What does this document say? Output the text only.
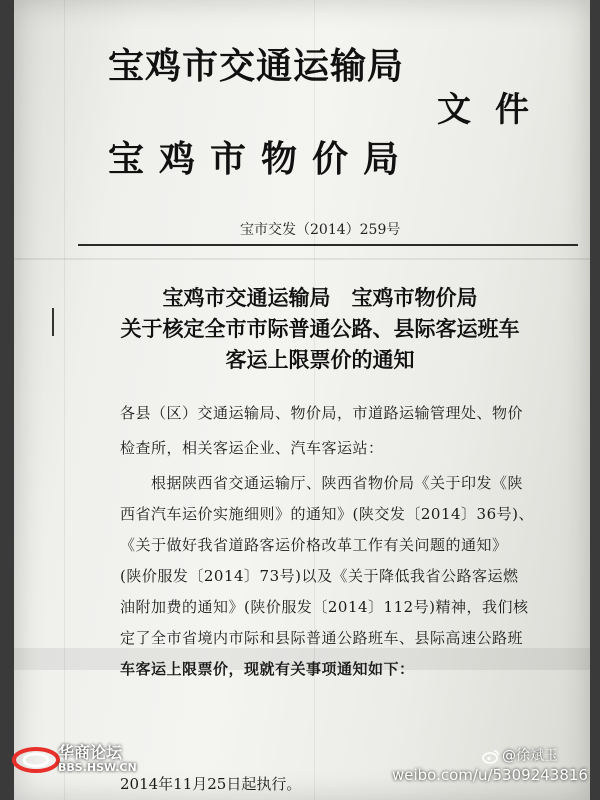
宝鸡市交通运输局
文件
宝鸡市物价局
宝市交发（2014）259号
宝鸡市交通运输局　宝鸡市物价局
关于核定全市市际普通公路、县际客运班车
客运上限票价的通知
各县（区）交通运输局、物价局，市道路运输管理处、物价
检查所，相关客运企业、汽车客运站：
　　根据陕西省交通运输厅、陕西省物价局《关于印发《陕
西省汽车运价实施细则》的通知》(陕交发〔2014〕36号)、
《关于做好我省道路客运价格改革工作有关问题的通知》
(陕价服发〔2014〕73号)以及《关于降低我省公路客运燃
油附加费的通知》(陕价服发〔2014〕112号)精神，我们核
定了全市省境内市际和县际普通公路班车、县际高速公路班
车客运上限票价，现就有关事项通知如下：
2014年11月25日起执行。
华商论坛
BBS.HSW.CN
@徐斌玉
weibo.com/u/5309243816
